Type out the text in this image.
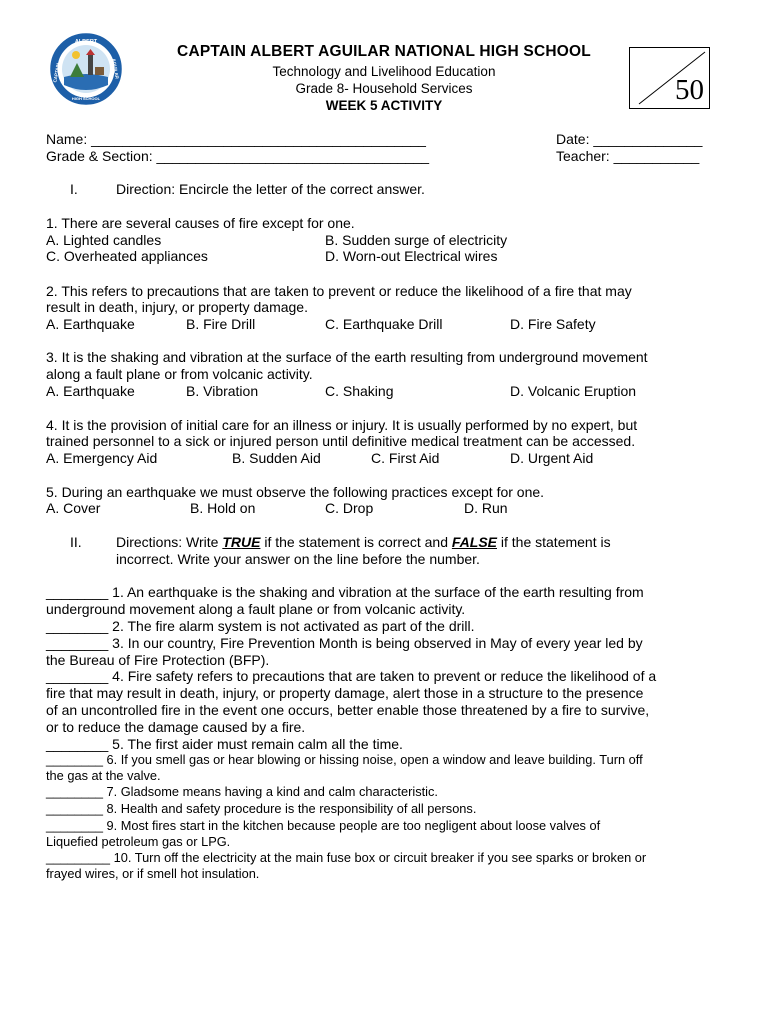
ALBERT
CAPTAIN	AGUILAR
HIGH SCHOOL
CAPTAIN ALBERT AGUILAR NATIONAL HIGH SCHOOL
Technology and Livelihood Education
Grade 8- Household Services
WEEK 5 ACTIVITY	50
Name: ___________________________________________	Date: ______________
Grade & Section: ___________________________________	Teacher: ___________
I.	Direction: Encircle the letter of the correct answer.
1. There are several causes of fire except for one.
A. Lighted candles	B. Sudden surge of electricity
C. Overheated appliances	D. Worn-out Electrical wires
2. This refers to precautions that are taken to prevent or reduce the likelihood of a fire that may
result in death, injury, or property damage.
A. Earthquake	B. Fire Drill	C. Earthquake Drill	D. Fire Safety
3. It is the shaking and vibration at the surface of the earth resulting from underground movement
along a fault plane or from volcanic activity.
A. Earthquake	B. Vibration	C. Shaking	D. Volcanic Eruption
4. It is the provision of initial care for an illness or injury. It is usually performed by no expert, but
trained personnel to a sick or injured person until definitive medical treatment can be accessed.
A. Emergency Aid	B. Sudden Aid	C. First Aid	D. Urgent Aid
5. During an earthquake we must observe the following practices except for one.
A. Cover	B. Hold on	C. Drop	D. Run
II. Directions: Write TRUE if the statement is correct and FALSE if the statement is
incorrect. Write your answer on the line before the number.
________ 1. An earthquake is the shaking and vibration at the surface of the earth resulting from
underground movement along a fault plane or from volcanic activity.
________ 2. The fire alarm system is not activated as part of the drill.
________ 3. In our country, Fire Prevention Month is being observed in May of every year led by
the Bureau of Fire Protection (BFP).
________ 4. Fire safety refers to precautions that are taken to prevent or reduce the likelihood of a
fire that may result in death, injury, or property damage, alert those in a structure to the presence
of an uncontrolled fire in the event one occurs, better enable those threatened by a fire to survive,
or to reduce the damage caused by a fire.
________ 5. The first aider must remain calm all the time.
________ 6. If you smell gas or hear blowing or hissing noise, open a window and leave building. Turn off
the gas at the valve.
________ 7. Gladsome means having a kind and calm characteristic.
________ 8. Health and safety procedure is the responsibility of all persons.
________ 9. Most fires start in the kitchen because people are too negligent about loose valves of
Liquefied petroleum gas or LPG.
_________ 10. Turn off the electricity at the main fuse box or circuit breaker if you see sparks or broken or
frayed wires, or if smell hot insulation.
